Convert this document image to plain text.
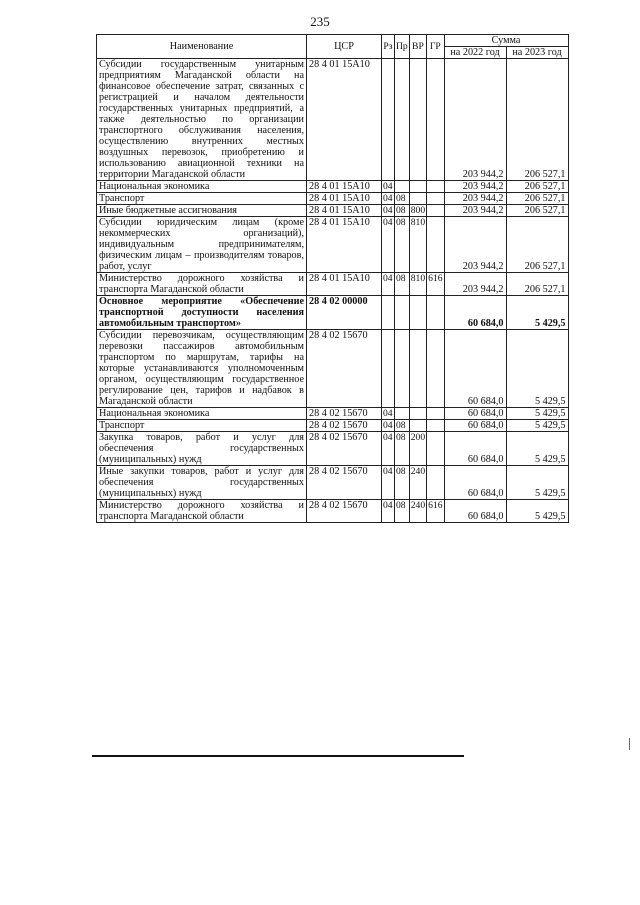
235
Наименование	ЦСР	Рз	Пр	ВР	ГР	Сумма	
						на 2022 год	на 2023 год
Субсидии государственным унитарным предприятиям Магаданской области на финансовое обеспечение затрат, связанных с регистрацией и началом деятельности государственных унитарных предприятий, а также деятельностью по организации транспортного обслуживания населения, осуществлению внутренних местных воздушных перевозок, приобретению и использованию авиационной техники на территории Магаданской области	28 4 01 15А10					203 944,2	206 527,1
Национальная экономика	28 4 01 15А10	04				203 944,2	206 527,1
Транспорт	28 4 01 15А10	04	08			203 944,2	206 527,1
Иные бюджетные ассигнования	28 4 01 15А10	04	08	800		203 944,2	206 527,1
Субсидии юридическим лицам (кроме некоммерческих организаций), индивидуальным предпринимателям, физическим лицам – производителям товаров, работ, услуг	28 4 01 15А10	04	08	810		203 944,2	206 527,1
Министерство дорожного хозяйства и транспорта Магаданской области	28 4 01 15А10	04	08	810	616	203 944,2	206 527,1
Основное мероприятие «Обеспечение транспортной доступности населения автомобильным транспортом»	28 4 02 00000					60 684,0	5 429,5
Субсидии перевозчикам, осуществляющим перевозки пассажиров автомобильным транспортом по маршрутам, тарифы на которые устанавливаются уполномоченным органом, осуществляющим государственное регулирование цен, тарифов и надбавок в Магаданской области	28 4 02 15670					60 684,0	5 429,5
Национальная экономика	28 4 02 15670	04				60 684,0	5 429,5
Транспорт	28 4 02 15670	04	08			60 684,0	5 429,5
Закупка товаров, работ и услуг для обеспечения государственных (муниципальных) нужд	28 4 02 15670	04	08	200		60 684,0	5 429,5
Иные закупки товаров, работ и услуг для обеспечения государственных (муниципальных) нужд	28 4 02 15670	04	08	240		60 684,0	5 429,5
Министерство дорожного хозяйства и транспорта Магаданской области	28 4 02 15670	04	08	240	616	60 684,0	5 429,5
